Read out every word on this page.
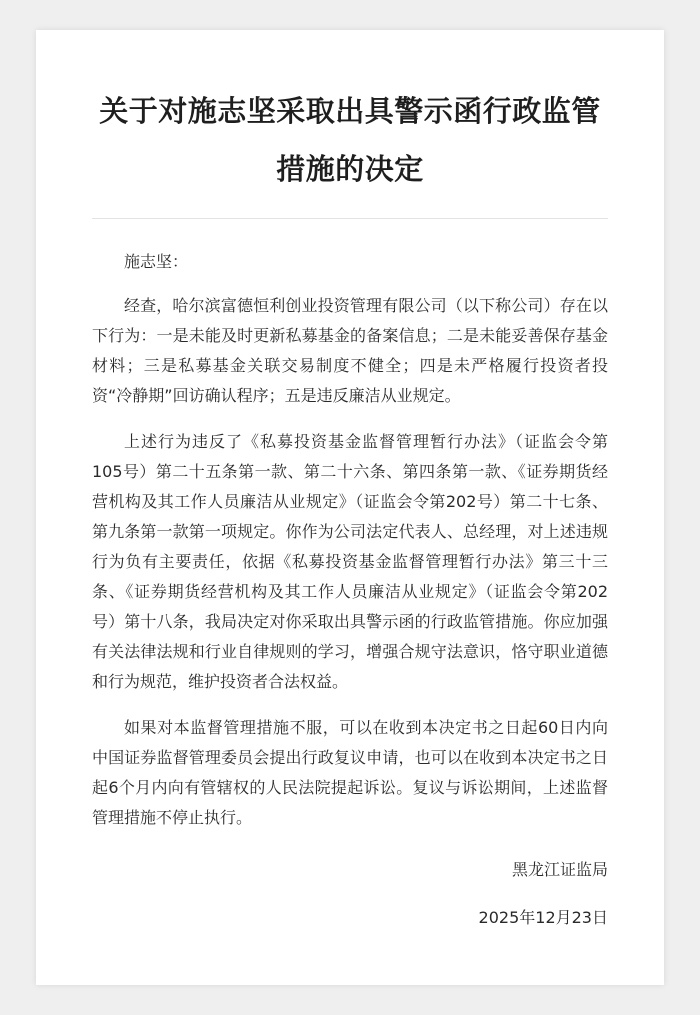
关于对施志坚采取出具警示函行政监管措施的决定

施志坚：

经查，哈尔滨富德恒利创业投资管理有限公司（以下称公司）存在以下行为：一是未能及时更新私募基金的备案信息；二是未能妥善保存基金材料；三是私募基金关联交易制度不健全；四是未严格履行投资者投资“冷静期”回访确认程序；五是违反廉洁从业规定。

上述行为违反了《私募投资基金监督管理暂行办法》（证监会令第105号）第二十五条第一款、第二十六条、第四条第一款、《证券期货经营机构及其工作人员廉洁从业规定》（证监会令第202号）第二十七条、第九条第一款第一项规定。你作为公司法定代表人、总经理，对上述违规行为负有主要责任，依据《私募投资基金监督管理暂行办法》第三十三条、《证券期货经营机构及其工作人员廉洁从业规定》（证监会令第202号）第十八条，我局决定对你采取出具警示函的行政监管措施。你应加强有关法律法规和行业自律规则的学习，增强合规守法意识，恪守职业道德和行为规范，维护投资者合法权益。

如果对本监督管理措施不服，可以在收到本决定书之日起60日内向中国证券监督管理委员会提出行政复议申请，也可以在收到本决定书之日起6个月内向有管辖权的人民法院提起诉讼。复议与诉讼期间，上述监督管理措施不停止执行。

黑龙江证监局
2025年12月23日
